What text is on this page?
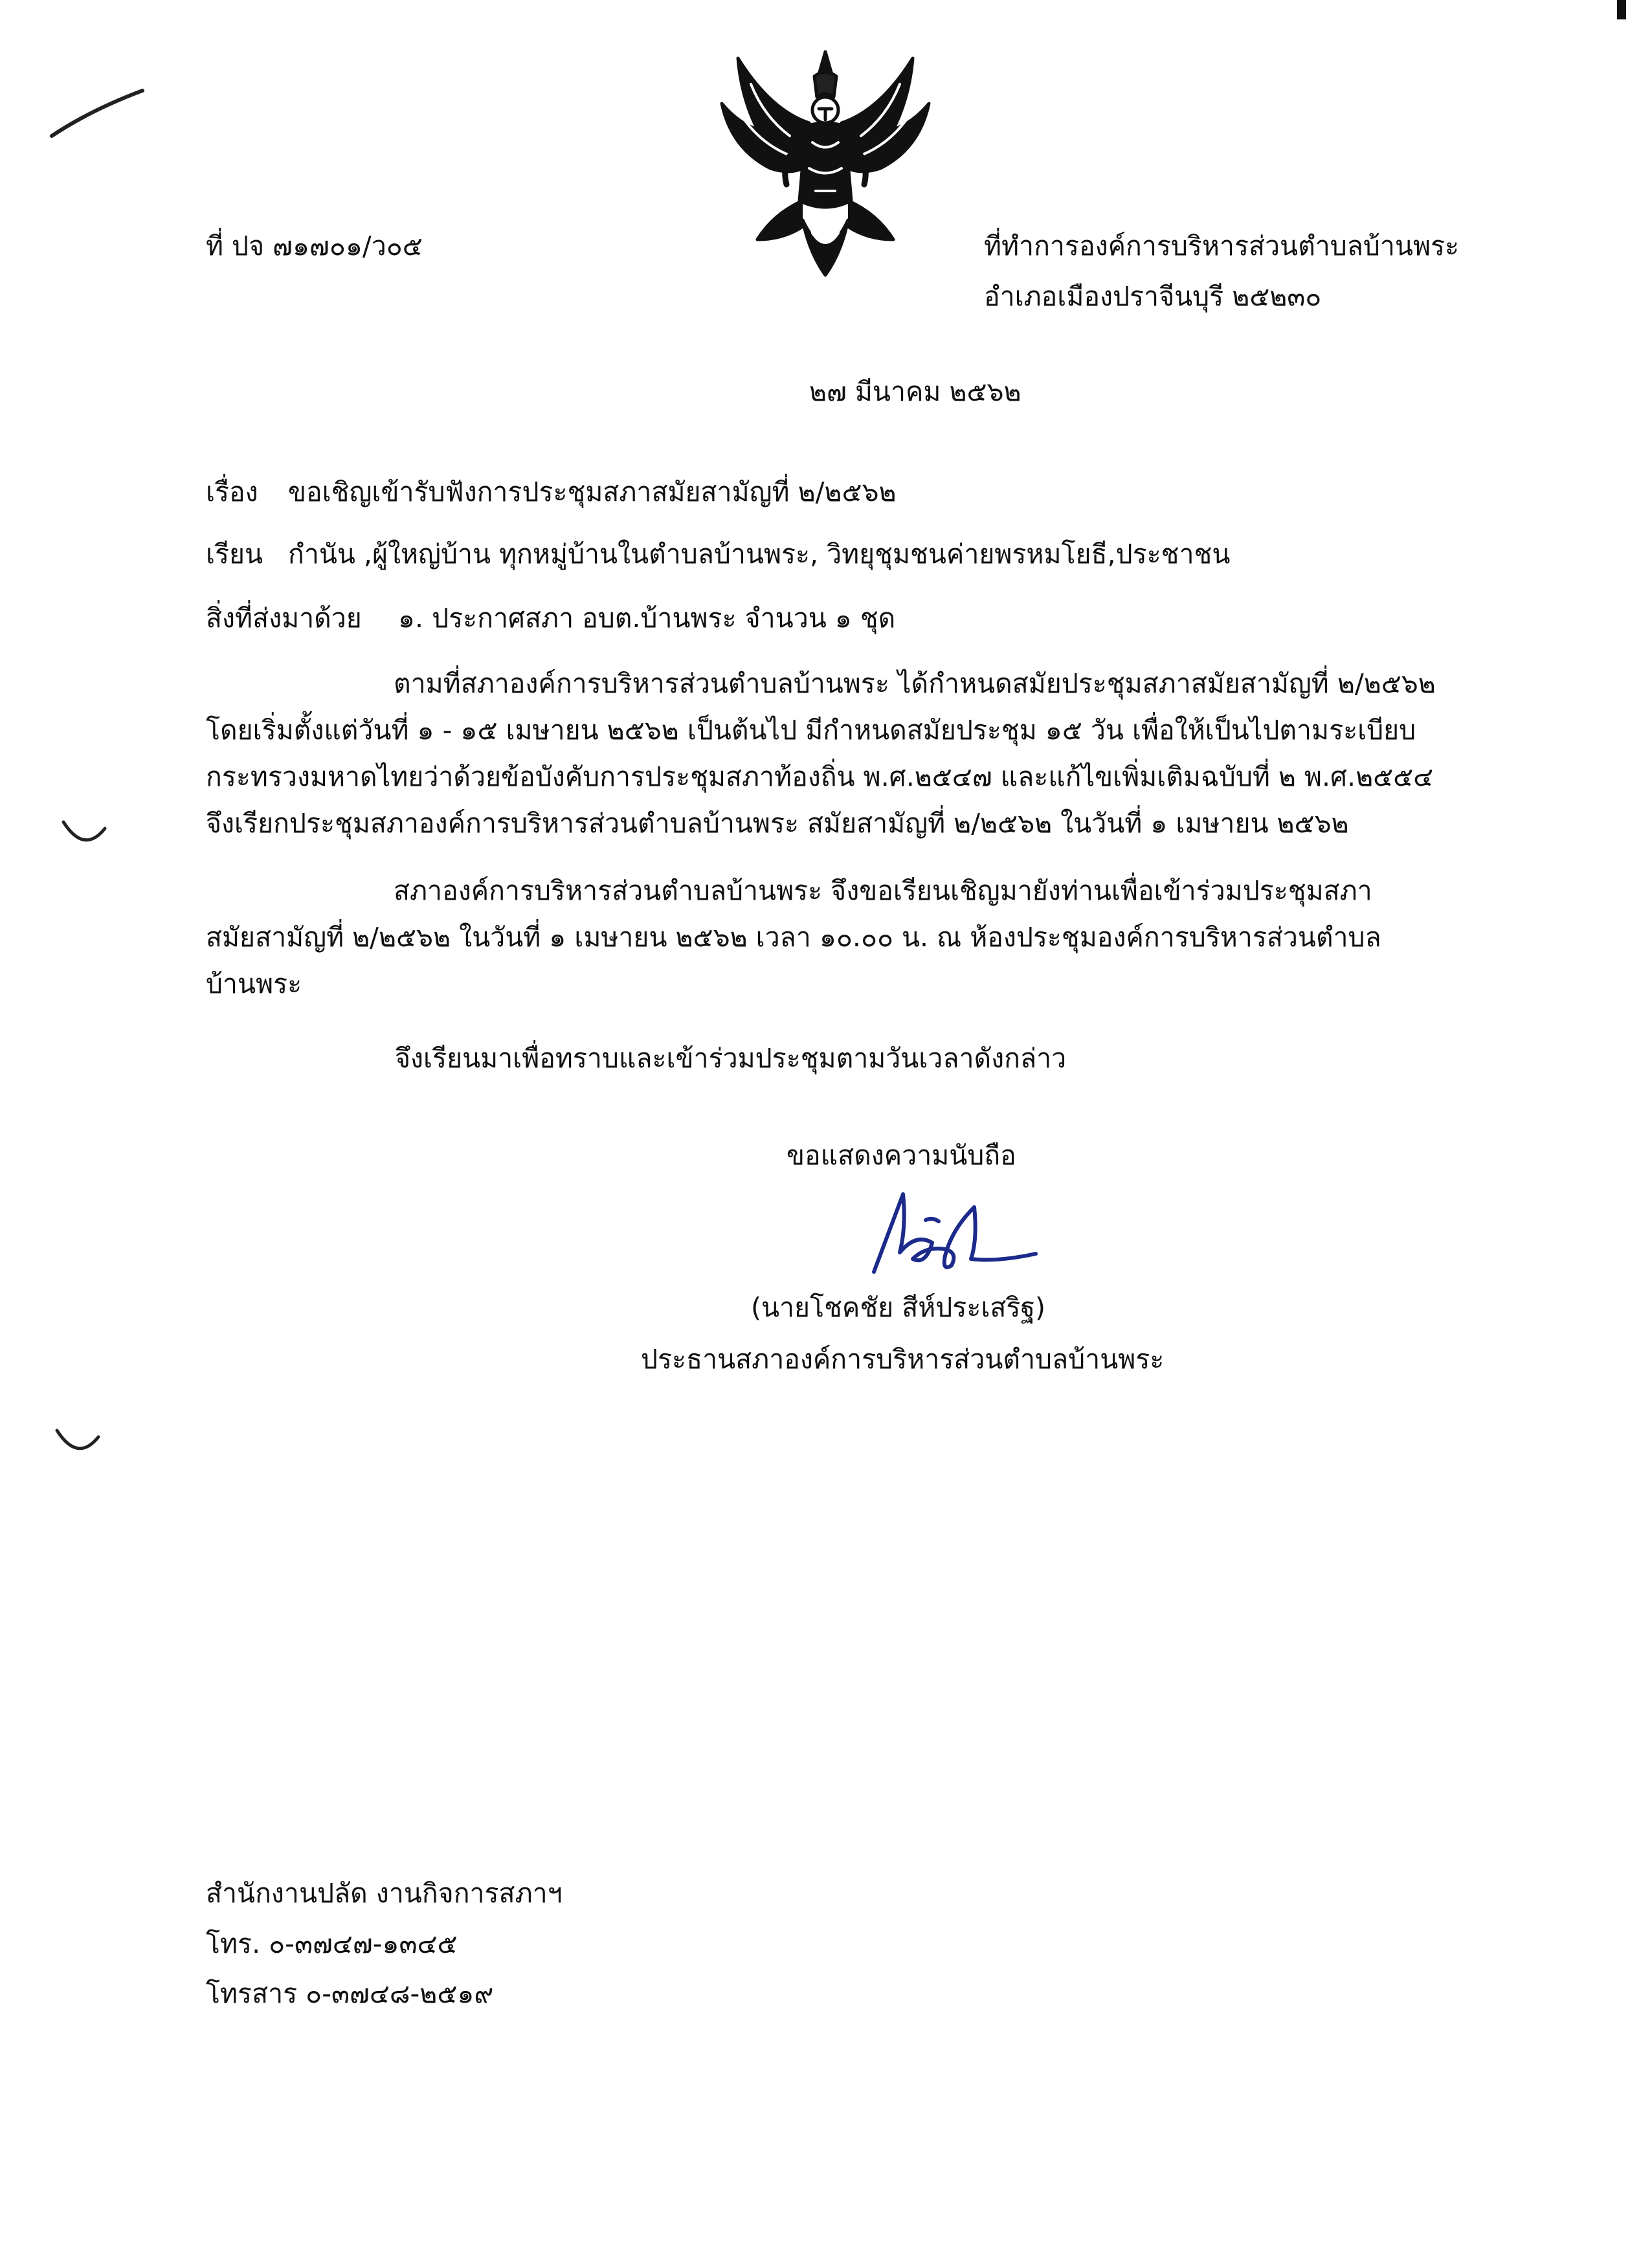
ที่ ปจ ๗๑๗๐๑/ว๐๕	ที่ทำการองค์การบริหารส่วนตำบลบ้านพระ
อำเภอเมืองปราจีนบุรี ๒๕๒๓๐
๒๗ มีนาคม ๒๕๖๒
เรื่อง ขอเชิญเข้ารับฟังการประชุมสภาสมัยสามัญที่ ๒/๒๕๖๒
เรียน กำนัน ,ผู้ใหญ่บ้าน ทุกหมู่บ้านในตำบลบ้านพระ, วิทยุชุมชนค่ายพรหมโยธี,ประชาชน
สิ่งที่ส่งมาด้วย ๑. ประกาศสภา อบต.บ้านพระ จำนวน ๑ ชุด
ตามที่สภาองค์การบริหารส่วนตำบลบ้านพระ ได้กำหนดสมัยประชุมสภาสมัยสามัญที่ ๒/๒๕๖๒
โดยเริ่มตั้งแต่วันที่ ๑ - ๑๕ เมษายน ๒๕๖๒ เป็นต้นไป มีกำหนดสมัยประชุม ๑๕ วัน เพื่อให้เป็นไปตามระเบียบ
กระทรวงมหาดไทยว่าด้วยข้อบังคับการประชุมสภาท้องถิ่น พ.ศ.๒๕๔๗ และแก้ไขเพิ่มเติมฉบับที่ ๒ พ.ศ.๒๕๕๔
จึงเรียกประชุมสภาองค์การบริหารส่วนตำบลบ้านพระ สมัยสามัญที่ ๒/๒๕๖๒ ในวันที่ ๑ เมษายน ๒๕๖๒
สภาองค์การบริหารส่วนตำบลบ้านพระ จึงขอเรียนเชิญมายังท่านเพื่อเข้าร่วมประชุมสภา
สมัยสามัญที่ ๒/๒๕๖๒ ในวันที่ ๑ เมษายน ๒๕๖๒ เวลา ๑๐.๐๐ น. ณ ห้องประชุมองค์การบริหารส่วนตำบล
บ้านพระ
จึงเรียนมาเพื่อทราบและเข้าร่วมประชุมตามวันเวลาดังกล่าว
ขอแสดงความนับถือ
(นายโชคชัย สีห์ประเสริฐ)
ประธานสภาองค์การบริหารส่วนตำบลบ้านพระ
สำนักงานปลัด งานกิจการสภาฯ
โทร. ๐-๓๗๔๗-๑๓๔๕
โทรสาร ๐-๓๗๔๘-๒๕๑๙
